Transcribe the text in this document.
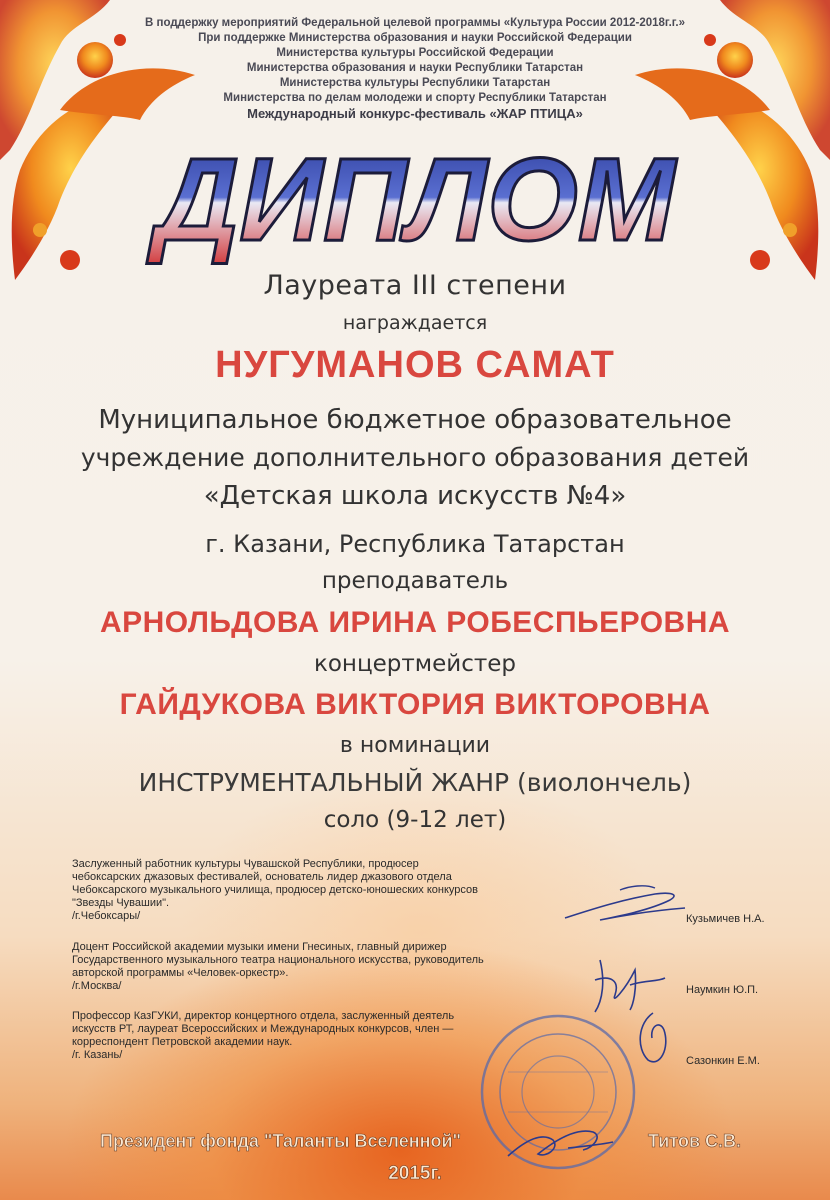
В поддержку мероприятий Федеральной целевой программы «Культура России 2012-2018г.г.»
При поддержке Министерства образования и науки Российской Федерации
Министерства культуры Российской Федерации
Министерства образования и науки Республики Татарстан
Министерства культуры Республики Татарстан
Министерства по делам молодежи и спорту Республики Татарстан
Международный конкурс-фестиваль «ЖАР ПТИЦА»
ДИПЛОМ
Лауреата III степени
награждается
НУГУМАНОВ САМАТ
Муниципальное бюджетное образовательное
учреждение дополнительного образования детей
«Детская школа искусств №4»
г. Казани, Республика Татарстан
преподаватель
АРНОЛЬДОВА ИРИНА РОБЕСПЬЕРОВНА
концертмейстер
ГАЙДУКОВА ВИКТОРИЯ ВИКТОРОВНА
в номинации
ИНСТРУМЕНТАЛЬНЫЙ ЖАНР (виолончель)
соло (9-12 лет)
Заслуженный работник культуры Чувашской Республики, продюсер
чебоксарских джазовых фестивалей, основатель лидер джазового отдела
Чебоксарского музыкального училища, продюсер детско-юношеских конкурсов
"Звезды Чувашии".
/г.Чебоксары/	Кузьмичев Н.А.
Доцент Российской академии музыки имени Гнесиных, главный дирижер
Государственного музыкального театра национального искусства, руководитель
авторской программы «Человек-оркестр».
/г.Москва/	Наумкин Ю.П.
Профессор КазГУКИ, директор концертного отдела, заслуженный деятель
искусств РТ, лауреат Всероссийских и Международных конкурсов, член —
корреспондент Петровской академии наук.
/г. Казань/	Сазонкин Е.М.
Президент фонда "Таланты Вселенной"	Титов С.В.
2015г.
